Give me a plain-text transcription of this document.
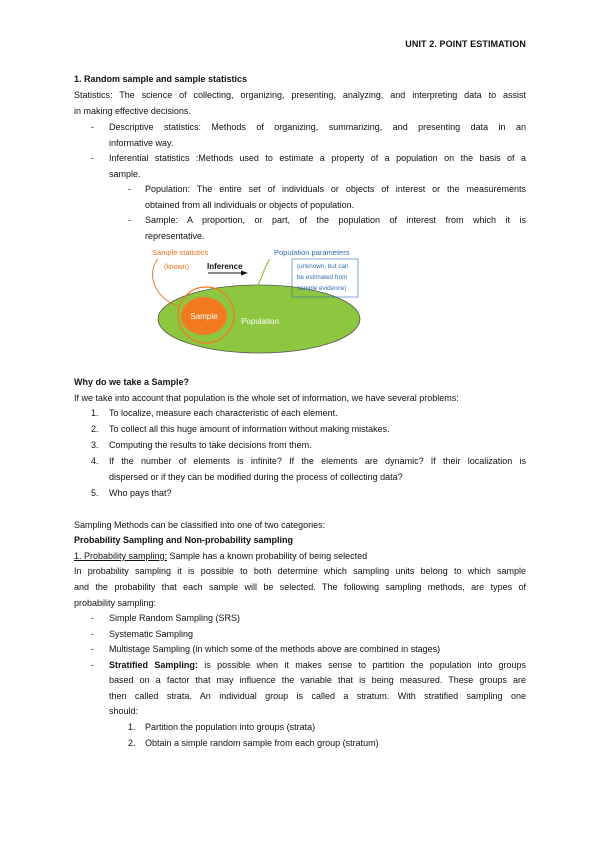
UNIT 2. POINT ESTIMATION
1. Random sample and sample statistics
Statistics: The science of collecting, organizing, presenting, analyzing, and interpreting data to assist
in making effective decisions.
-	Descriptive statistics: Methods of organizing, summarizing, and presenting data in an
informative way.
-	Inferential statistics :Methods used to estimate a property of a population on the basis of a
sample.
-	Population: The entire set of individuals or objects of interest or the measurements
obtained from all individuals or objects of population.
-	Sample: A proportion, or part, of the population of interest from which it is
representative.
Sample
Population
Sample statistics
(known) Inference
Population parameters
(unknown, but can
be estimated from
sample evidence)
Why do we take a Sample?
If we take into account that population is the whole set of information, we have several problems:
1.	To localize, measure each characteristic of each element.
2.	To collect all this huge amount of information without making mistakes.
3.	Computing the results to take decisions from them.
4.	If the number of elements is infinite? If the elements are dynamic? If their localization is
dispersed or if they can be modified during the process of collecting data?
5.	Who pays that?
Sampling Methods can be classified into one of two categories:
Probability Sampling and Non-probability sampling
1. Probability sampling: Sample has a known probability of being selected
In probability sampling it is possible to both determine which sampling units belong to which sample
and the probability that each sample will be selected. The following sampling methods, are types of
probability sampling:
-	Simple Random Sampling (SRS)
-	Systematic Sampling
-	Multistage Sampling (in which some of the methods above are combined in stages)
-	Stratified Sampling: is possible when it makes sense to partition the population into groups
based on a factor that may influence the variable that is being measured. These groups are
then called strata. An individual group is called a stratum. With stratified sampling one
should:
1.	Partition the population into groups (strata)
2.	Obtain a simple random sample from each group (stratum)
